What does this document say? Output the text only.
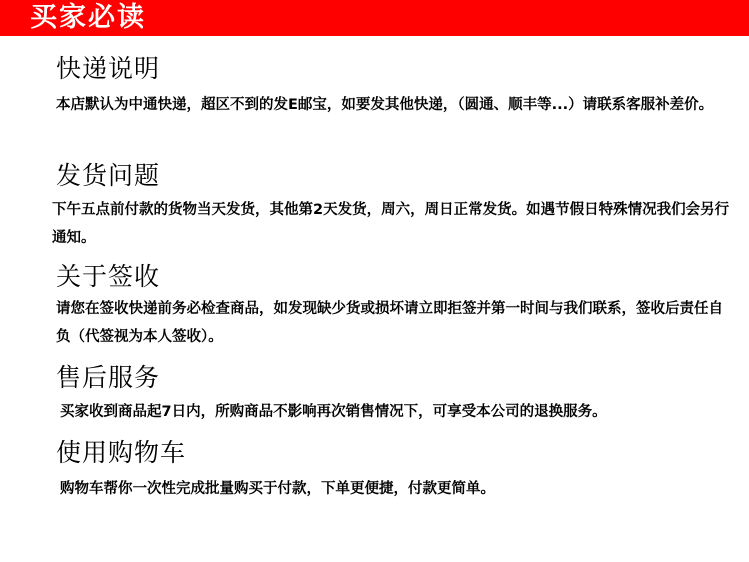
买家必读
快递说明
本店默认为中通快递，超区不到的发E邮宝，如要发其他快递，（圆通、顺丰等...）请联系客服补差价。
发货问题
下午五点前付款的货物当天发货，其他第2天发货，周六，周日正常发货。如遇节假日特殊情况我们会另行通知。
关于签收
请您在签收快递前务必检查商品，如发现缺少货或损坏请立即拒签并第一时间与我们联系，签收后责任自负（代签视为本人签收）。
售后服务
买家收到商品起7日内，所购商品不影响再次销售情况下，可享受本公司的退换服务。
使用购物车
购物车帮你一次性完成批量购买于付款，下单更便捷，付款更简单。
